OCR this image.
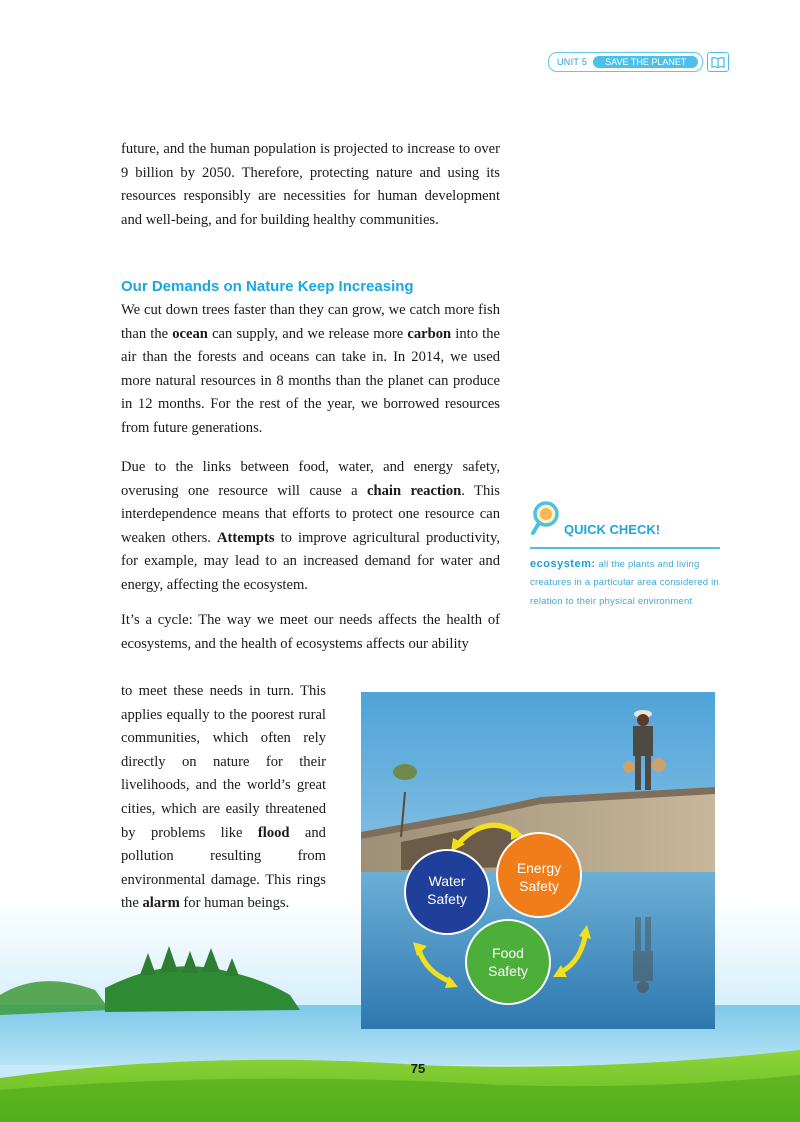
UNIT 5	SAVE THE PLANET

future, and the human population is projected to increase to over 9 billion by 2050. Therefore, protecting nature and using its resources responsibly are necessities for human development and well-being, and for building healthy communities.

Our Demands on Nature Keep Increasing

We cut down trees faster than they can grow, we catch more fish than the ocean can supply, and we release more carbon into the air than the forests and oceans can take in. In 2014, we used more natural resources in 8 months than the planet can produce in 12 months. For the rest of the year, we borrowed resources from future generations.

Due to the links between food, water, and energy safety, overusing one resource will cause a chain reaction. This interdependence means that efforts to protect one resource can weaken others. Attempts to improve agricultural productivity, for example, may lead to an increased demand for water and energy, affecting the ecosystem.

It’s a cycle: The way we meet our needs affects the health of ecosystems, and the health of ecosystems affects our ability

to meet these needs in turn. This applies equally to the poorest rural communities, which often rely directly on nature for their livelihoods, and the world’s great cities, which are easily threatened by problems like flood and pollution resulting from environmental damage. This rings the alarm for human beings.
QUICK CHECK!
ecosystem: all the plants and living creatures in a particular area considered in relation to their physical environment
Water
Safety
Energy
Safety
Food
Safety
75
